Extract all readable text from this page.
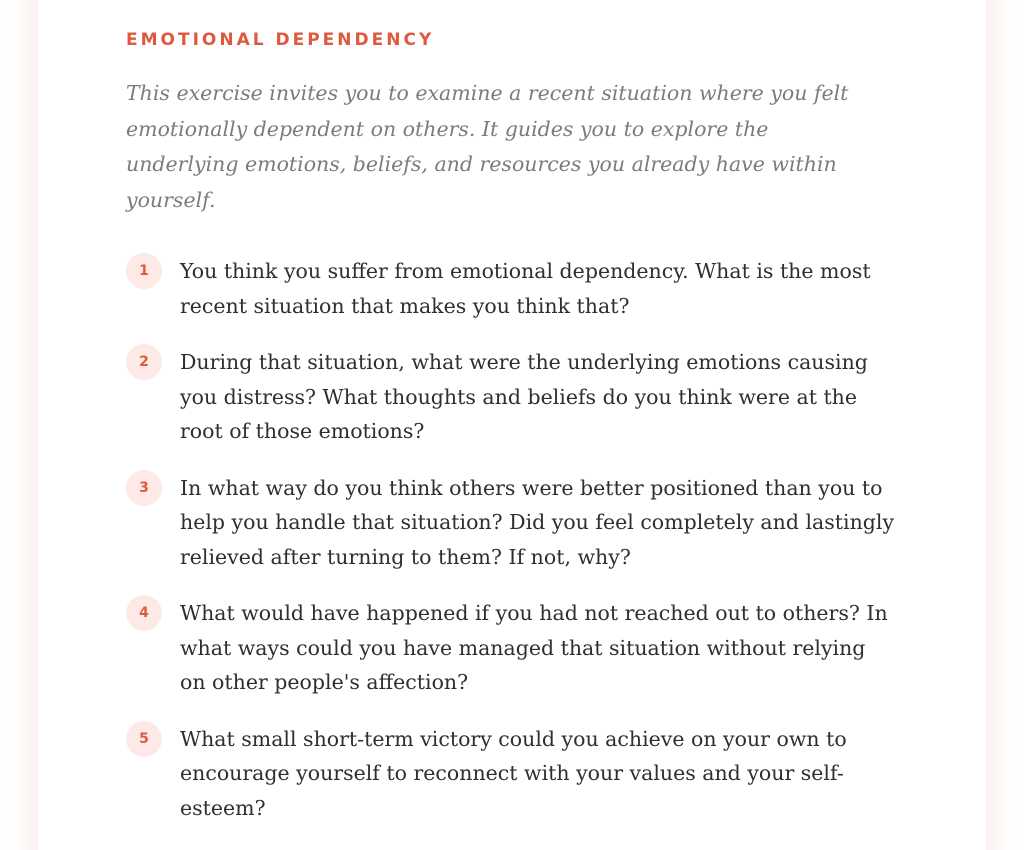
EMOTIONAL DEPENDENCY

This exercise invites you to examine a recent situation where you felt emotionally dependent on others. It guides you to explore the underlying emotions, beliefs, and resources you already have within yourself.

1	You think you suffer from emotional dependency. What is the most recent situation that makes you think that?

2	During that situation, what were the underlying emotions causing you distress? What thoughts and beliefs do you think were at the root of those emotions?

3	In what way do you think others were better positioned than you to help you handle that situation? Did you feel completely and lastingly relieved after turning to them? If not, why?

4	What would have happened if you had not reached out to others? In what ways could you have managed that situation without relying on other people's affection?

5	What small short-term victory could you achieve on your own to encourage yourself to reconnect with your values and your self-esteem?
